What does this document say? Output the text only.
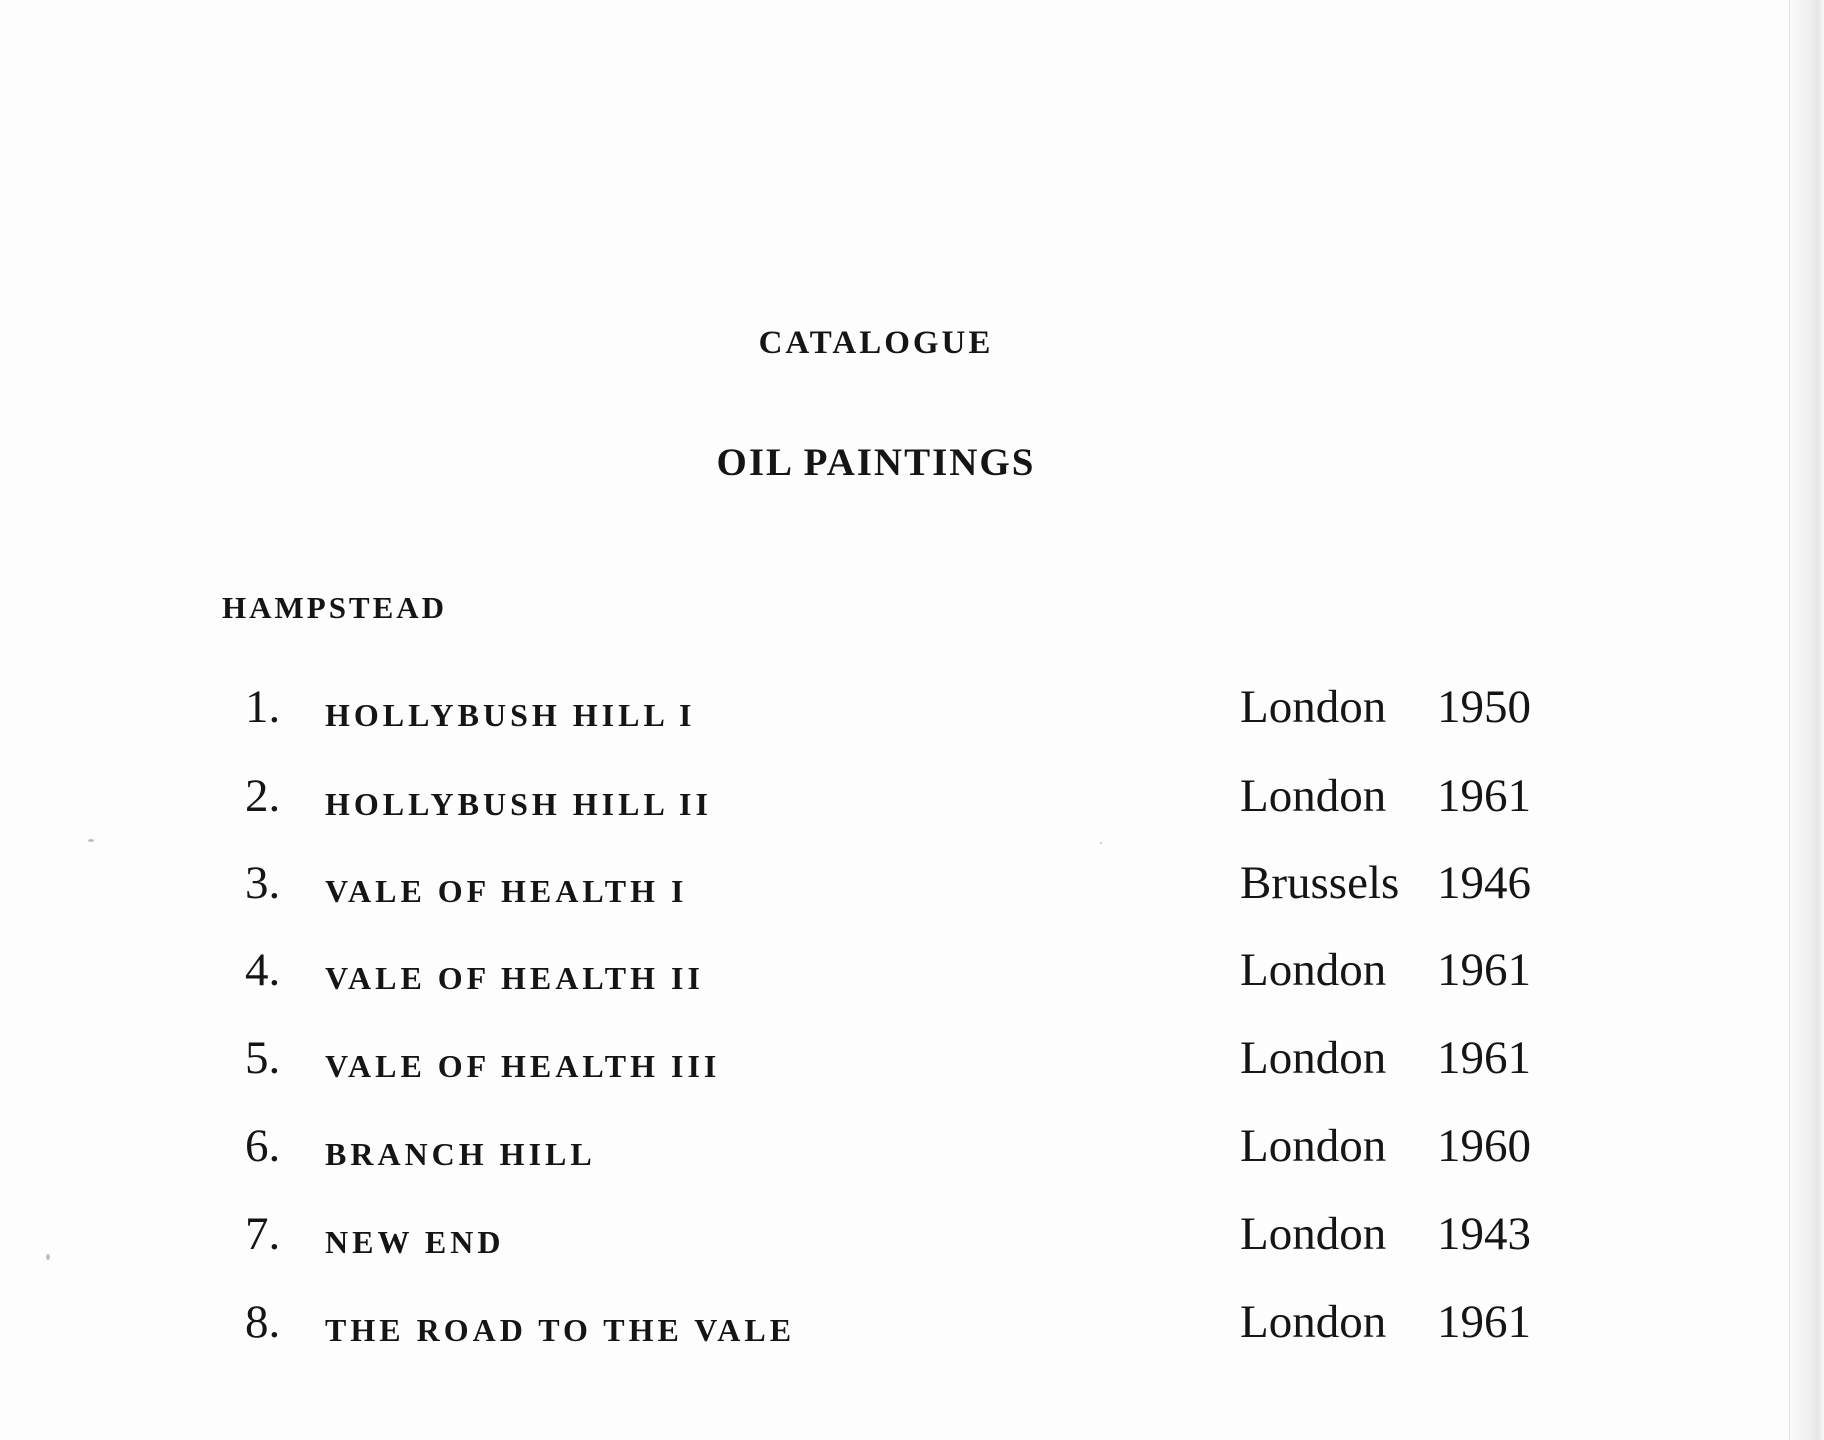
CATALOGUE
OIL PAINTINGS
HAMPSTEAD
1. HOLLYBUSH HILL I	London 1950
2. HOLLYBUSH HILL II	London 1961
3. VALE OF HEALTH I	Brussels 1946
4. VALE OF HEALTH II	London 1961
5. VALE OF HEALTH III	London 1961
6. BRANCH HILL	London 1960
7. NEW END	London 1943
8. THE ROAD TO THE VALE	London 1961
